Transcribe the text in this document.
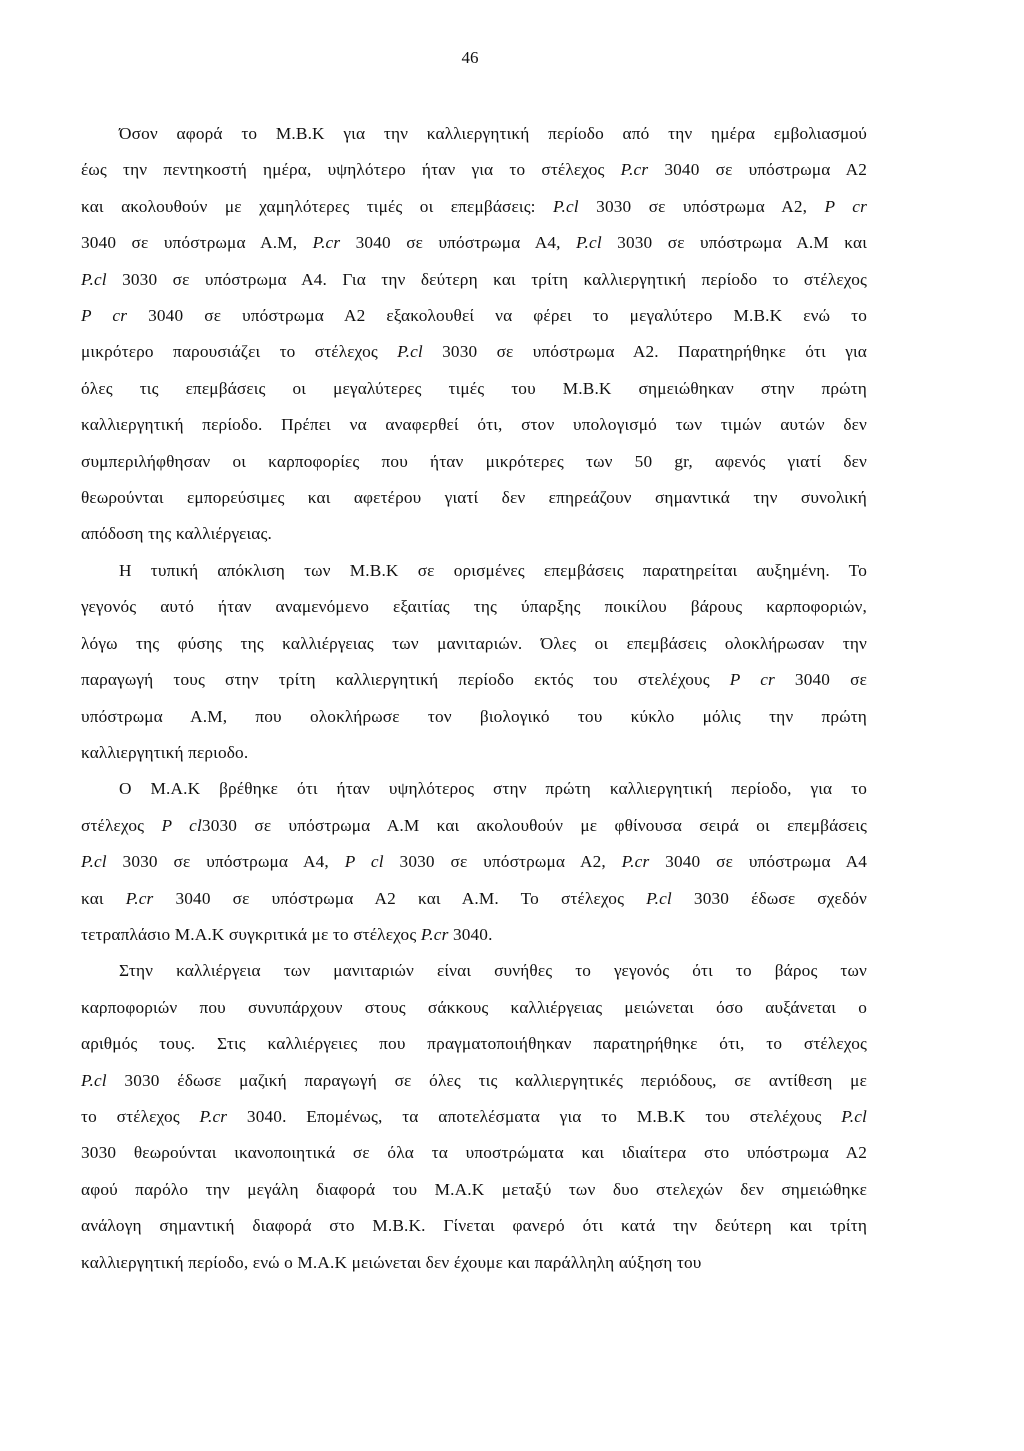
46
Όσον αφορά το Μ.Β.Κ για την καλλιεργητική περίοδο από την ημέρα εμβολιασμού
έως την πεντηκοστή ημέρα, υψηλότερο ήταν για το στέλεχος P.cr 3040 σε υπόστρωμα Α2
και ακολουθούν με χαμηλότερες τιμές οι επεμβάσεις: P.cl 3030 σε υπόστρωμα Α2, P cr
3040 σε υπόστρωμα Α.Μ, P.cr 3040 σε υπόστρωμα Α4, P.cl 3030 σε υπόστρωμα Α.Μ και
P.cl 3030 σε υπόστρωμα Α4. Για την δεύτερη και τρίτη καλλιεργητική περίοδο το στέλεχος
P cr 3040 σε υπόστρωμα Α2 εξακολουθεί να φέρει το μεγαλύτερο Μ.Β.Κ ενώ το
μικρότερο παρουσιάζει το στέλεχος P.cl 3030 σε υπόστρωμα Α2. Παρατηρήθηκε ότι για
όλες τις επεμβάσεις οι μεγαλύτερες τιμές του Μ.Β.Κ σημειώθηκαν στην πρώτη
καλλιεργητική περίοδο. Πρέπει να αναφερθεί ότι, στον υπολογισμό των τιμών αυτών δεν
συμπεριλήφθησαν οι καρποφορίες που ήταν μικρότερες των 50 gr, αφενός γιατί δεν
θεωρούνται εμπορεύσιμες και αφετέρου γιατί δεν επηρεάζουν σημαντικά την συνολική
απόδοση της καλλιέργειας.
Η τυπική απόκλιση των Μ.Β.Κ σε ορισμένες επεμβάσεις παρατηρείται αυξημένη. Το
γεγονός αυτό ήταν αναμενόμενο εξαιτίας της ύπαρξης ποικίλου βάρους καρποφοριών,
λόγω της φύσης της καλλιέργειας των μανιταριών. Όλες οι επεμβάσεις ολοκλήρωσαν την
παραγωγή τους στην τρίτη καλλιεργητική περίοδο εκτός του στελέχους P cr 3040 σε
υπόστρωμα Α.Μ, που ολοκλήρωσε τον βιολογικό του κύκλο μόλις την πρώτη
καλλιεργητική περιοδο.
Ο Μ.Α.Κ βρέθηκε ότι ήταν υψηλότερος στην πρώτη καλλιεργητική περίοδο, για το
στέλεχος P cl3030 σε υπόστρωμα Α.Μ και ακολουθούν με φθίνουσα σειρά οι επεμβάσεις
P.cl 3030 σε υπόστρωμα Α4, P cl 3030 σε υπόστρωμα Α2, P.cr 3040 σε υπόστρωμα Α4
και P.cr 3040 σε υπόστρωμα Α2 και Α.Μ. Το στέλεχος P.cl 3030 έδωσε σχεδόν
τετραπλάσιο Μ.Α.Κ συγκριτικά με το στέλεχος P.cr 3040.
Στην καλλιέργεια των μανιταριών είναι συνήθες το γεγονός ότι το βάρος των
καρποφοριών που συνυπάρχουν στους σάκκους καλλιέργειας μειώνεται όσο αυξάνεται ο
αριθμός τους. Στις καλλιέργειες που πραγματοποιήθηκαν παρατηρήθηκε ότι, το στέλεχος
P.cl 3030 έδωσε μαζική παραγωγή σε όλες τις καλλιεργητικές περιόδους, σε αντίθεση με
το στέλεχος P.cr 3040. Επομένως, τα αποτελέσματα για το Μ.Β.Κ του στελέχους P.cl
3030 θεωρούνται ικανοποιητικά σε όλα τα υποστρώματα και ιδιαίτερα στο υπόστρωμα Α2
αφού παρόλο την μεγάλη διαφορά του Μ.Α.Κ μεταξύ των δυο στελεχών δεν σημειώθηκε
ανάλογη σημαντική διαφορά στο Μ.Β.Κ. Γίνεται φανερό ότι κατά την δεύτερη και τρίτη
καλλιεργητική περίοδο, ενώ ο Μ.Α.Κ μειώνεται δεν έχουμε και παράλληλη αύξηση του
